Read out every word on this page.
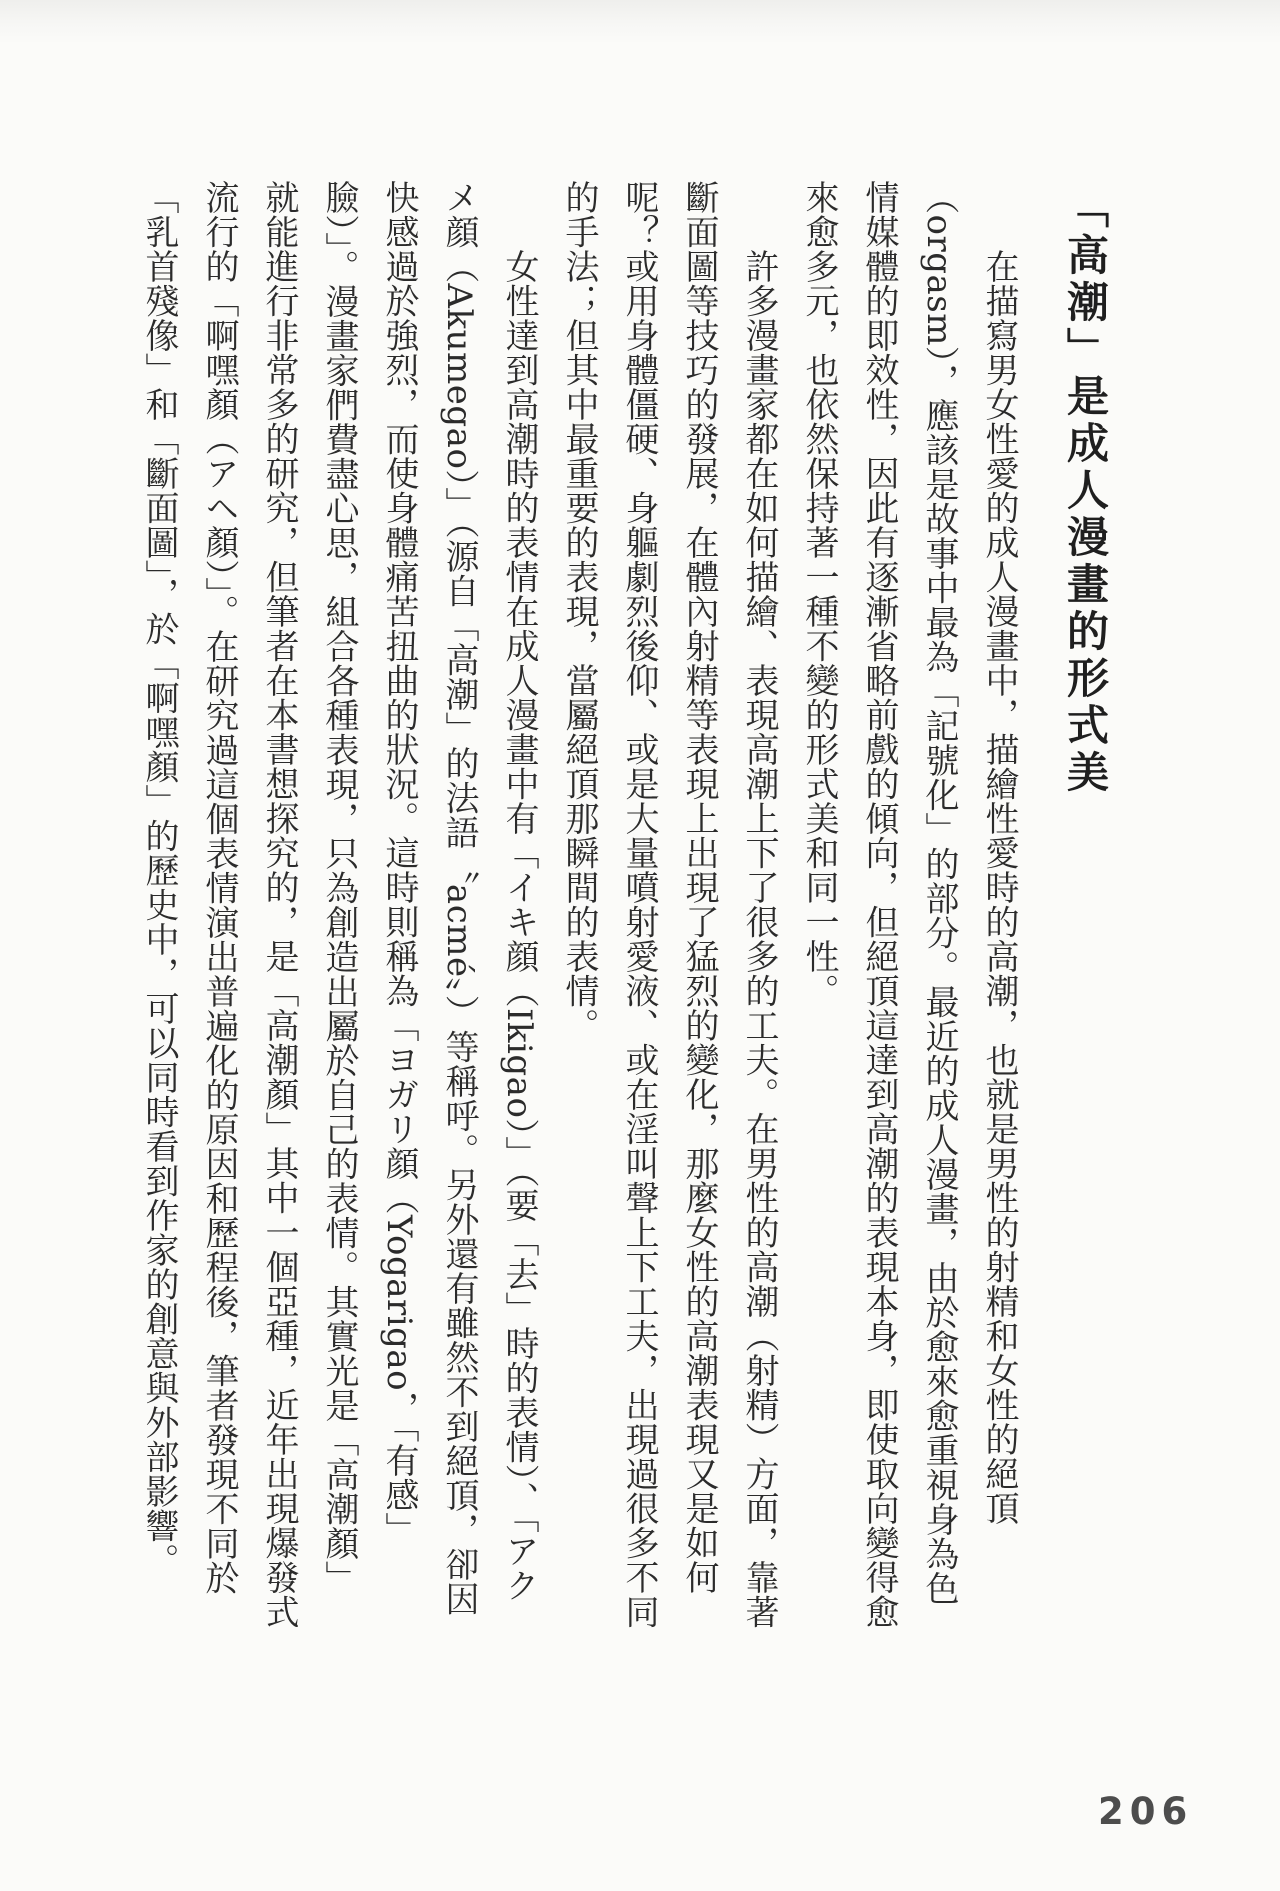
「高潮」是成人漫畫的形式美
　　在描寫男女性愛的成人漫畫中，描繪性愛時的高潮，也就是男性的射精和女性的絕頂
（orgasm），應該是故事中最為「記號化」的部分。最近的成人漫畫，由於愈來愈重視身為色
情媒體的即效性，因此有逐漸省略前戲的傾向，但絕頂這達到高潮的表現本身，即使取向變得愈
來愈多元，也依然保持著一種不變的形式美和同一性。
　　許多漫畫家都在如何描繪、表現高潮上下了很多的工夫。在男性的高潮（射精）方面，靠著
斷面圖等技巧的發展，在體內射精等表現上出現了猛烈的變化，那麼女性的高潮表現又是如何
呢？或用身體僵硬、身軀劇烈後仰、或是大量噴射愛液、或在淫叫聲上下工夫，出現過很多不同
的手法；但其中最重要的表現，當屬絕頂那瞬間的表情。
　　女性達到高潮時的表情在成人漫畫中有「イキ顔（Ikigao）」（要「去」時的表情）、「アク
メ顔（Akumegao）」（源自「高潮」的法語〝acmé〞）等稱呼。另外還有雖然不到絕頂，卻因
快感過於強烈，而使身體痛苦扭曲的狀況。這時則稱為「ヨガリ顔（Yogarigao，「有感」
臉）」。漫畫家們費盡心思，組合各種表現，只為創造出屬於自己的表情。其實光是「高潮顏」
就能進行非常多的研究，但筆者在本書想探究的，是「高潮顏」其中一個亞種，近年出現爆發式
流行的「啊嘿顏（アヘ顏）」。在研究過這個表情演出普遍化的原因和歷程後，筆者發現不同於
「乳首殘像」和「斷面圖」，於「啊嘿顏」的歷史中，可以同時看到作家的創意與外部影響。
206
